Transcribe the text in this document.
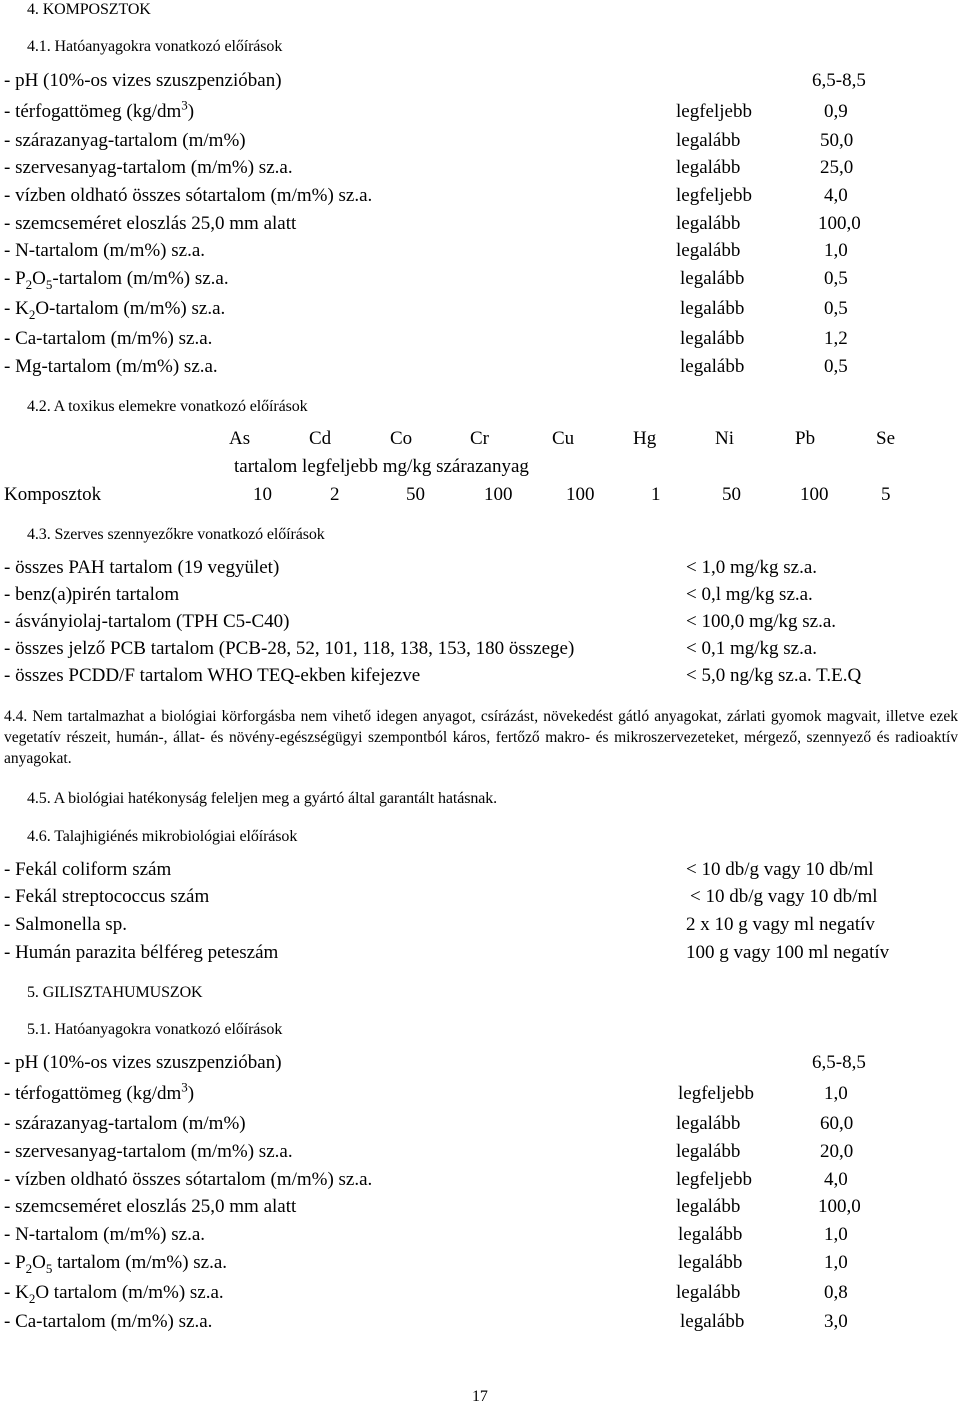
4. KOMPOSZTOK
4.1. Hatóanyagokra vonatkozó előírások
- pH (10%-os vizes szuszpenzióban)	6,5-8,5
- térfogattömeg $(kg/dm^3)$	legfeljebb	0,9
- szárazanyag-tartalom (m/m%)	legalább	50,0
- szervesanyag-tartalom (m/m%) sz.a.	legalább	25,0
- vízben oldható összes sótartalom (m/m%) sz.a.	legfeljebb	4,0
- szemcseméret eloszlás 25,0 mm alatt	legalább	100,0
- N-tartalom (m/m%) sz.a.	legalább	1,0
- $P_2O_5$-tartalom (m/m%) sz.a.	legalább	0,5
- $K_2O$-tartalom (m/m%) sz.a.	legalább	0,5
- Ca-tartalom (m/m%) sz.a.	legalább	1,2
- Mg-tartalom (m/m%) sz.a.	legalább	0,5
4.2. A toxikus elemekre vonatkozó előírások
As	Cd	Co	Cr	Cu	Hg	Ni	Pb	Se
tartalom legfeljebb mg/kg szárazanyag
Komposztok	10	2	50	100	100	1	50	100	5
4.3. Szerves szennyezőkre vonatkozó előírások
- összes PAH tartalom (19 vegyület)	< 1,0 mg/kg sz.a.
- benz(a)pirén tartalom	< 0,l mg/kg sz.a.
- ásványiolaj-tartalom (TPH C5-C40)	< 100,0 mg/kg sz.a.
- összes jelző PCB tartalom (PCB-28, 52, 101, 118, 138, 153, 180 összege)	< 0,1 mg/kg sz.a.
- összes PCDD/F tartalom WHO TEQ-ekben kifejezve	< 5,0 ng/kg sz.a. T.E.Q
4.4. Nem tartalmazhat a biológiai körforgásba nem vihető idegen anyagot, csírázást, növekedést gátló anyagokat, zárlati gyomok magvait, illetve ezek vegetatív részeit, humán-, állat- és növény-egészségügyi szempontból káros, fertőző makro- és mikroszervezeteket, mérgező, szennyező és radioaktív anyagokat.
4.5. A biológiai hatékonyság feleljen meg a gyártó által garantált hatásnak.
4.6. Talajhigiénés mikrobiológiai előírások
- Fekál coliform szám	< 10 db/g vagy 10 db/ml
- Fekál streptococcus szám	< 10 db/g vagy 10 db/ml
- Salmonella sp.	2 x 10 g vagy ml negatív
- Humán parazita bélféreg peteszám	100 g vagy 100 ml negatív
5. GILISZTAHUMUSZOK
5.1. Hatóanyagokra vonatkozó előírások
- pH (10%-os vizes szuszpenzióban)	6,5-8,5
- térfogattömeg $(kg/dm^3)$	legfeljebb	1,0
- szárazanyag-tartalom (m/m%)	legalább	60,0
- szervesanyag-tartalom (m/m%) sz.a.	legalább	20,0
- vízben oldható összes sótartalom (m/m%) sz.a.	legfeljebb	4,0
- szemcseméret eloszlás 25,0 mm alatt	legalább	100,0
- N-tartalom (m/m%) sz.a.	legalább	1,0
- $P_2O_5$ tartalom (m/m%) sz.a.	legalább	1,0
- $K_2O$ tartalom (m/m%) sz.a.	legalább	0,8
- Ca-tartalom (m/m%) sz.a.	legalább	3,0
17
